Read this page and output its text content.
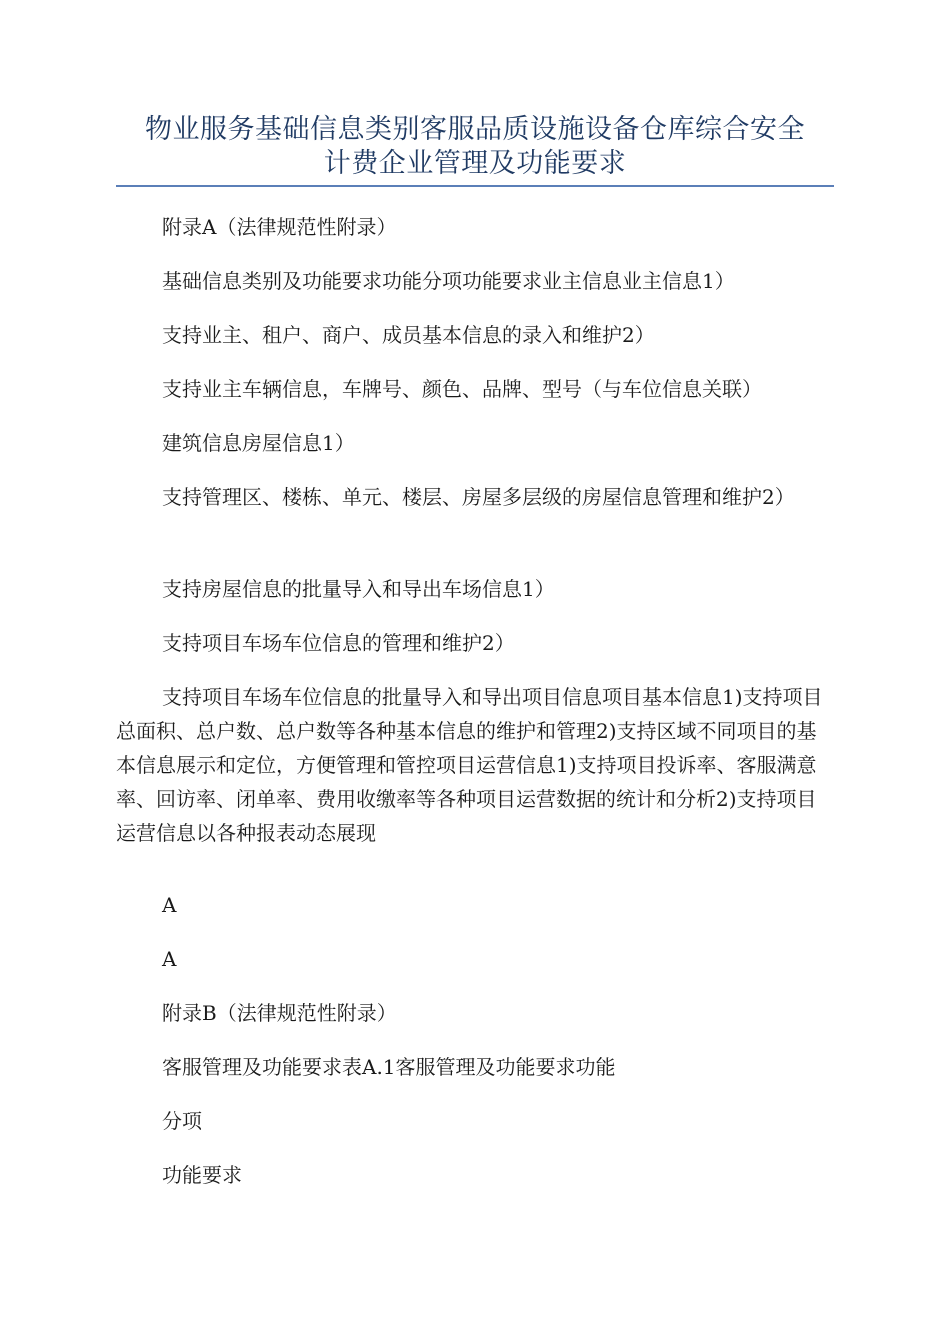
物业服务基础信息类别客服品质设施设备仓库综合安全
计费企业管理及功能要求

附录A（法律规范性附录）

基础信息类别及功能要求功能分项功能要求业主信息业主信息1）

支持业主、租户、商户、成员基本信息的录入和维护2）

支持业主车辆信息，车牌号、颜色、品牌、型号（与车位信息关联）

建筑信息房屋信息1）

支持管理区、楼栋、单元、楼层、房屋多层级的房屋信息管理和维护2）

支持房屋信息的批量导入和导出车场信息1）

支持项目车场车位信息的管理和维护2）

支持项目车场车位信息的批量导入和导出项目信息项目基本信息1)支持项目总面积、总户数、总户数等各种基本信息的维护和管理2)支持区域不同项目的基本信息展示和定位，方便管理和管控项目运营信息1)支持项目投诉率、客服满意率、回访率、闭单率、费用收缴率等各种项目运营数据的统计和分析2)支持项目运营信息以各种报表动态展现

A

A

附录B（法律规范性附录）

客服管理及功能要求表A.1客服管理及功能要求功能

分项

功能要求
